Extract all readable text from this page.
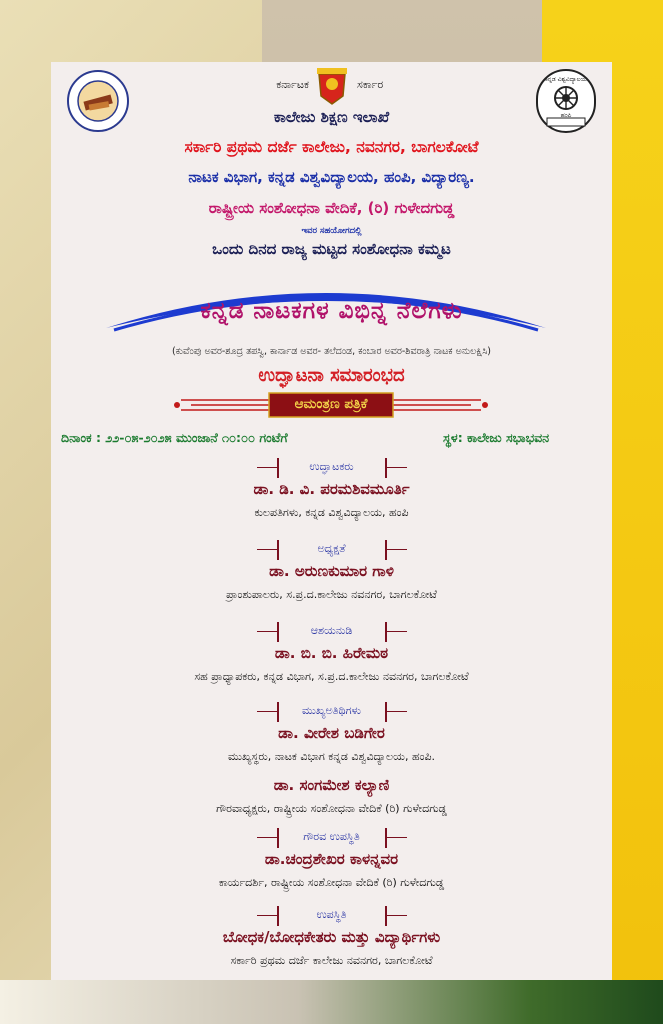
ಕನ್ನಡ ವಿಶ್ವವಿದ್ಯಾಲಯ
ಹಂಪಿ
ಕರ್ನಾಟಕ	ಸರ್ಕಾರ
ಕಾಲೇಜು ಶಿಕ್ಷಣ ಇಲಾಖೆ
ಸರ್ಕಾರಿ ಪ್ರಥಮ ದರ್ಜೆ ಕಾಲೇಜು, ನವನಗರ, ಬಾಗಲಕೋಟೆ
ನಾಟಕ ವಿಭಾಗ, ಕನ್ನಡ ವಿಶ್ವವಿದ್ಯಾಲಯ, ಹಂಪಿ, ವಿದ್ಯಾರಣ್ಯ.
ರಾಷ್ಟ್ರೀಯ ಸಂಶೋಧನಾ ವೇದಿಕೆ, (ರಿ) ಗುಳೇದಗುಡ್ಡ
ಇವರ ಸಹಯೋಗದಲ್ಲಿ
ಒಂದು ದಿನದ ರಾಜ್ಯ ಮಟ್ಟದ ಸಂಶೋಧನಾ ಕಮ್ಮಟ
ಕನ್ನಡ ನಾಟಕಗಳ ವಿಭಿನ್ನ ನೆಲೆಗಳು
(ಕುವೆಂಪು ಅವರ-ಶೂದ್ರ ತಪಸ್ವಿ, ಕಾರ್ನಾಡ ಅವರ- ತಲೆದಂಡ, ಕಂಬಾರ ಅವರ-ಶಿವರಾತ್ರಿ ನಾಟಕ ಅನುಲಕ್ಷಿಸಿ)
ಉದ್ಘಾಟನಾ ಸಮಾರಂಭದ
ಆಮಂತ್ರಣ ಪತ್ರಿಕೆ
ದಿನಾಂಕ : ೨೨-೦೫-೨೦೨೫ ಮುಂಜಾನೆ ೧೦:೦೦ ಗಂಟೆಗೆ	ಸ್ಥಳ: ಕಾಲೇಜು ಸಭಾಭವನ
ಉದ್ಘಾಟಕರು
ಡಾ. ಡಿ. ವಿ. ಪರಮಶಿವಮೂರ್ತಿ
ಕುಲಪತಿಗಳು, ಕನ್ನಡ ವಿಶ್ವವಿದ್ಯಾಲಯ, ಹಂಪಿ
ಅಧ್ಯಕ್ಷತೆ
ಡಾ. ಅರುಣಕುಮಾರ ಗಾಳಿ
ಪ್ರಾಂಶುಪಾಲರು, ಸ.ಪ್ರ.ದ.ಕಾಲೇಜು ನವನಗರ, ಬಾಗಲಕೋಟೆ
ಆಶಯನುಡಿ
ಡಾ. ಬಿ. ಬಿ. ಹಿರೇಮಠ
ಸಹ ಪ್ರಾಧ್ಯಾಪಕರು, ಕನ್ನಡ ವಿಭಾಗ, ಸ.ಪ್ರ.ದ.ಕಾಲೇಜು ನವನಗರ, ಬಾಗಲಕೋಟೆ
ಮುಖ್ಯಅತಿಥಿಗಳು
ಡಾ. ವೀರೇಶ ಬಡಿಗೇರ
ಮುಖ್ಯಸ್ಥರು, ನಾಟಕ ವಿಭಾಗ ಕನ್ನಡ ವಿಶ್ವವಿದ್ಯಾಲಯ, ಹಂಪಿ.
ಡಾ. ಸಂಗಮೇಶ ಕಲ್ಯಾಣಿ
ಗೌರವಾಧ್ಯಕ್ಷರು, ರಾಷ್ಟ್ರೀಯ ಸಂಶೋಧನಾ ವೇದಿಕೆ (ರಿ) ಗುಳೇದಗುಡ್ಡ
ಗೌರವ ಉಪಸ್ಥಿತಿ
ಡಾ.ಚಂದ್ರಶೇಖರ ಕಾಳನ್ನವರ
ಕಾರ್ಯದರ್ಶಿ, ರಾಷ್ಟ್ರೀಯ ಸಂಶೋಧನಾ ವೇದಿಕೆ (ರಿ) ಗುಳೇದಗುಡ್ಡ
ಉಪಸ್ಥಿತಿ
ಬೋಧಕ/ಬೋಧಕೇತರು ಮತ್ತು ವಿದ್ಯಾರ್ಥಿಗಳು
ಸರ್ಕಾರಿ ಪ್ರಥಮ ದರ್ಜೆ ಕಾಲೇಜು ನವನಗರ, ಬಾಗಲಕೋಟೆ
